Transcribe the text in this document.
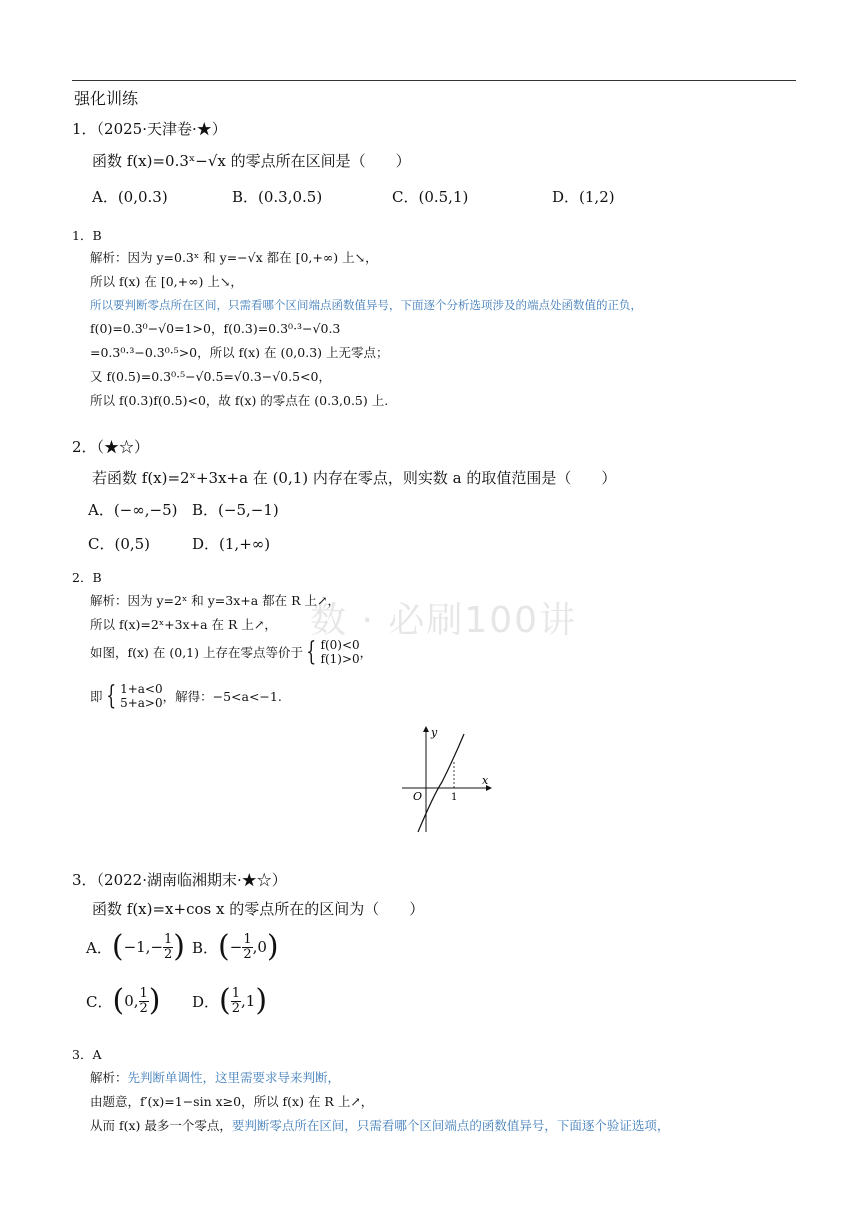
强化训练
数 · 必刷100讲
1．（2025·天津卷·★）
函数 f(x)=0.3ˣ−√x 的零点所在区间是（　　）
A．(0,0.3)	B．(0.3,0.5)	C．(0.5,1)	D．(1,2)
1．B
解析：因为 y=0.3ˣ 和 y=−√x 都在 [0,+∞) 上↘，
所以 f(x) 在 [0,+∞) 上↘，
所以要判断零点所在区间，只需看哪个区间端点函数值异号，下面逐个分析选项涉及的端点处函数值的正负，
f(0)=0.3⁰−√0=1>0，f(0.3)=0.3⁰·³−√0.3
=0.3⁰·³−0.3⁰·⁵>0，所以 f(x) 在 (0,0.3) 上无零点；
又 f(0.5)=0.3⁰·⁵−√0.5=√0.3−√0.5<0，
所以 f(0.3)f(0.5)<0，故 f(x) 的零点在 (0.3,0.5) 上.
2．（★☆）
若函数 f(x)=2ˣ+3x+a 在 (0,1) 内存在零点，则实数 a 的取值范围是（　　）
A．(−∞,−5) B．(−5,−1)
C．(0,5)	D．(1,+∞)
2．B
解析：因为 y=2ˣ 和 y=3x+a 都在 R 上↗，
所以 f(x)=2ˣ+3x+a 在 R 上↗，
如图，f(x) 在 (0,1) 上存在零点等价于 { f(0)<0
f(1)>0 ，
即 { 1+a<0
5+a>0 ，解得：−5<a<−1.
y
x
O	1
3．（2022·湖南临湘期末·★☆）
函数 f(x)=x+cos x 的零点所在的区间为（　　）
A． ( $-1,- \frac{1}{2}$ ) B． ( − $\frac{1}{2} ,0$ )
C． ( 0, $\frac{1}{2}$ ) D． ( $\frac{1}{2} ,1$ )
3．A
解析：先判断单调性，这里需要求导来判断，
由题意，f′(x)=1−sin x≥0，所以 f(x) 在 R 上↗，
从而 f(x) 最多一个零点，要判断零点所在区间，只需看哪个区间端点的函数值异号，下面逐个验证选项，
